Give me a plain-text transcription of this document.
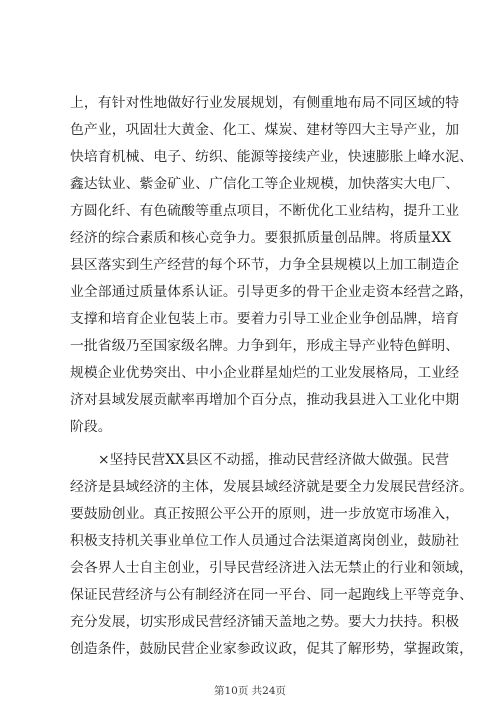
上，有针对性地做好行业发展规划，有侧重地布局不同区域的特
色产业，巩固壮大黄金、化工、煤炭、建材等四大主导产业，加
快培育机械、电子、纺织、能源等接续产业，快速膨胀上峰水泥、
鑫达钛业、紫金矿业、广信化工等企业规模，加快落实大电厂、
方圆化纤、有色硫酸等重点项目，不断优化工业结构，提升工业
经济的综合素质和核心竞争力。要狠抓质量创品牌。将质量XX
县区落实到生产经营的每个环节，力争全县规模以上加工制造企
业全部通过质量体系认证。引导更多的骨干企业走资本经营之路，
支撑和培育企业包装上市。要着力引导工业企业争创品牌，培育
一批省级乃至国家级名牌。力争到年，形成主导产业特色鲜明、
规模企业优势突出、中小企业群星灿烂的工业发展格局，工业经
济对县域发展贡献率再增加个百分点，推动我县进入工业化中期
阶段。
×坚持民营XX县区不动摇，推动民营经济做大做强。民营
经济是县域经济的主体，发展县域经济就是要全力发展民营经济。
要鼓励创业。真正按照公平公开的原则，进一步放宽市场准入，
积极支持机关事业单位工作人员通过合法渠道离岗创业，鼓励社
会各界人士自主创业，引导民营经济进入法无禁止的行业和领域，
保证民营经济与公有制经济在同一平台、同一起跑线上平等竞争、
充分发展，切实形成民营经济铺天盖地之势。要大力扶持。积极
创造条件，鼓励民营企业家参政议政，促其了解形势，掌握政策，
第10页 共24页
